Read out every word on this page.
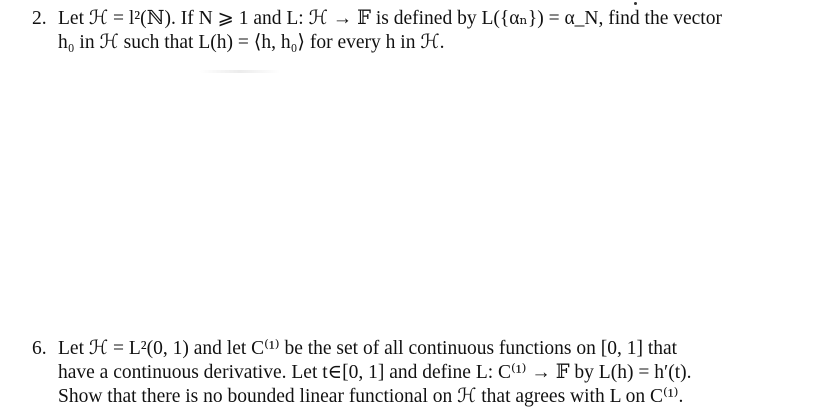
2. Let ℋ = l²(ℕ). If N ⩾ 1 and L: ℋ → 𝔽 is defined by L({αₙ}) = α_N, find the vector
h₀ in ℋ such that L(h) = ⟨h, h₀⟩ for every h in ℋ.
6. Let ℋ = L²(0, 1) and let C⁽¹⁾ be the set of all continuous functions on [0, 1] that
have a continuous derivative. Let t∈[0, 1] and define L: C⁽¹⁾ → 𝔽 by L(h) = h′(t).
Show that there is no bounded linear functional on ℋ that agrees with L on C⁽¹⁾.
